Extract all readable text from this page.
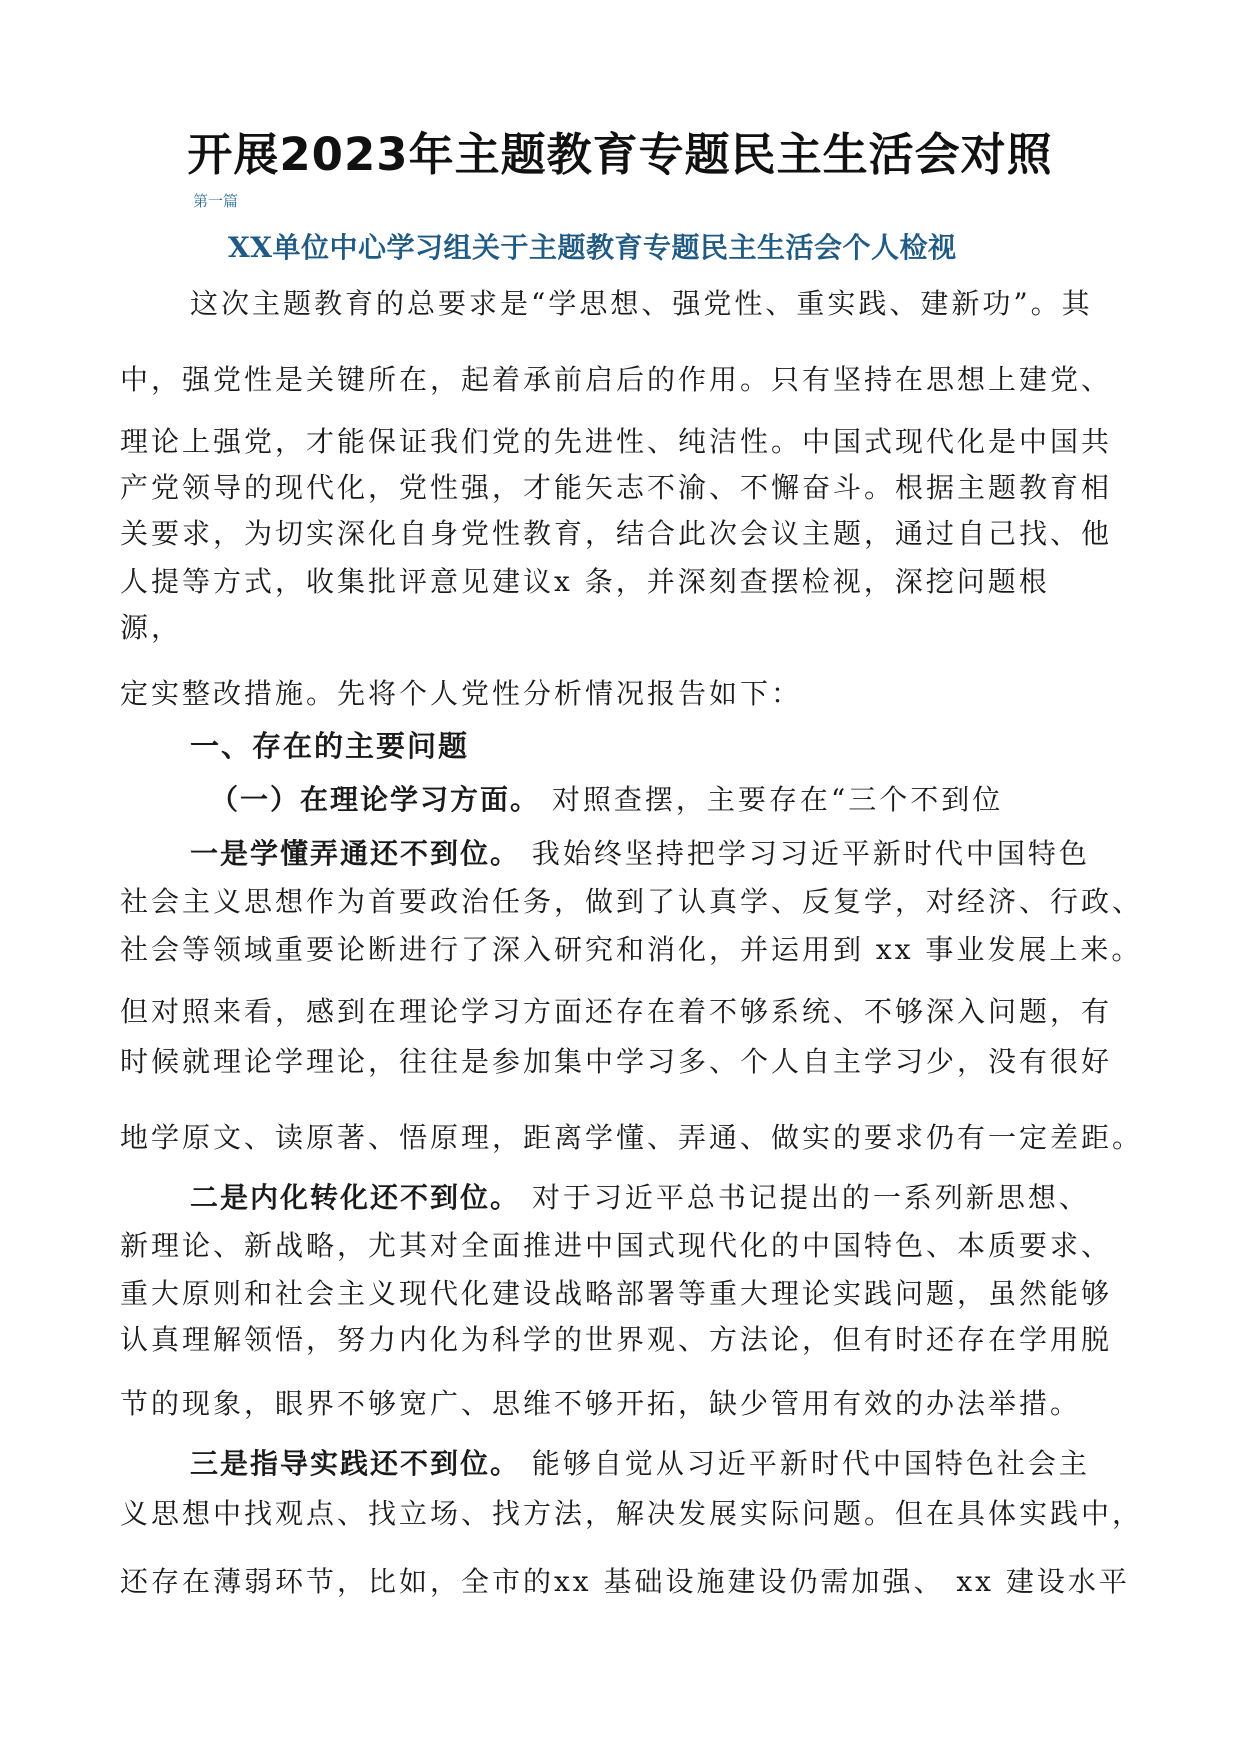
开展2023年主题教育专题民主生活会对照
第一篇
XX单位中心学习组关于主题教育专题民主生活会个人检视
这次主题教育的总要求是“学思想、强党性、重实践、建新功”。其
中，强党性是关键所在，起着承前启后的作用。只有坚持在思想上建党、
理论上强党，才能保证我们党的先进性、纯洁性。中国式现代化是中国共
产党领导的现代化，党性强，才能矢志不渝、不懈奋斗。根据主题教育相
关要求，为切实深化自身党性教育，结合此次会议主题，通过自己找、他
人提等方式，收集批评意见建议x 条，并深刻查摆检视，深挖问题根
源，
定实整改措施。先将个人党性分析情况报告如下：
一、存在的主要问题
（一）在理论学习方面。 对照查摆，主要存在“三个不到位
一是学懂弄通还不到位。 我始终坚持把学习习近平新时代中国特色
社会主义思想作为首要政治任务，做到了认真学、反复学，对经济、行政、
社会等领域重要论断进行了深入研究和消化，并运用到 xx 事业发展上来。
但对照来看，感到在理论学习方面还存在着不够系统、不够深入问题，有
时候就理论学理论，往往是参加集中学习多、个人自主学习少，没有很好
地学原文、读原著、悟原理，距离学懂、弄通、做实的要求仍有一定差距。
二是内化转化还不到位。 对于习近平总书记提出的一系列新思想、
新理论、新战略，尤其对全面推进中国式现代化的中国特色、本质要求、
重大原则和社会主义现代化建设战略部署等重大理论实践问题，虽然能够
认真理解领悟，努力内化为科学的世界观、方法论，但有时还存在学用脱
节的现象，眼界不够宽广、思维不够开拓，缺少管用有效的办法举措。
三是指导实践还不到位。 能够自觉从习近平新时代中国特色社会主
义思想中找观点、找立场、找方法，解决发展实际问题。但在具体实践中，
还存在薄弱环节，比如，全市的xx 基础设施建设仍需加强、 xx 建设水平
